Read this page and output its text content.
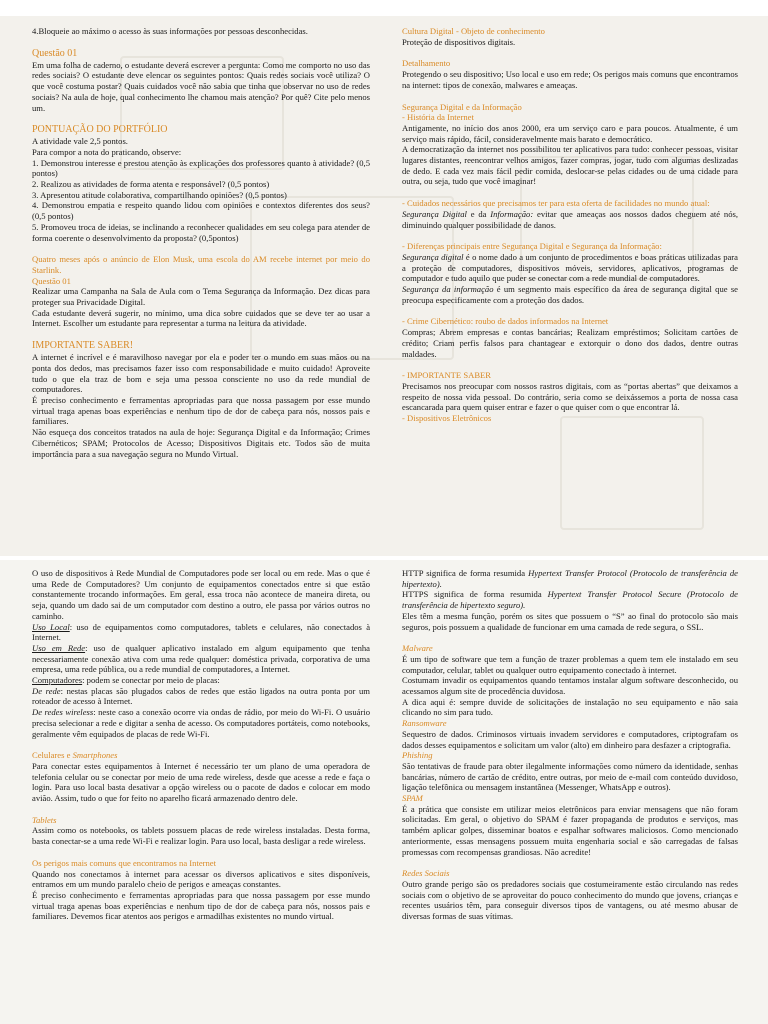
4.Bloqueie ao máximo o acesso às suas informações por pessoas desconhecidas.

Questão 01

Em uma folha de caderno, o estudante deverá escrever a pergunta: Como me comporto no uso das redes sociais? O estudante deve elencar os seguintes pontos: Quais redes sociais você utiliza? O que você costuma postar? Quais cuidados você não sabia que tinha que observar no uso de redes sociais? Na aula de hoje, qual conhecimento lhe chamou mais atenção? Por quê? Cite pelo menos um.

PONTUAÇÃO DO PORTFÓLIO

A atividade vale 2,5 pontos.

Para compor a nota do praticando, observe:

1. Demonstrou interesse e prestou atenção às explicações dos professores quanto à atividade? (0,5 pontos)

2. Realizou as atividades de forma atenta e responsável? (0,5 pontos)

3. Apresentou atitude colaborativa, compartilhando opiniões? (0,5 pontos)

4. Demonstrou empatia e respeito quando lidou com opiniões e contextos diferentes dos seus? (0,5 pontos)

5. Promoveu troca de ideias, se inclinando a reconhecer qualidades em seu colega para atender de forma coerente o desenvolvimento da proposta? (0,5pontos)

Quatro meses após o anúncio de Elon Musk, uma escola do AM recebe internet por meio do Starlink.

Questão 01

Realizar uma Campanha na Sala de Aula com o Tema Segurança da Informação. Dez dicas para proteger sua Privacidade Digital.

Cada estudante deverá sugerir, no mínimo, uma dica sobre cuidados que se deve ter ao usar a Internet. Escolher um estudante para representar a turma na leitura da atividade.

IMPORTANTE SABER!

A internet é incrível e é maravilhoso navegar por ela e poder ter o mundo em suas mãos ou na ponta dos dedos, mas precisamos fazer isso com responsabilidade e muito cuidado! Aproveite tudo o que ela traz de bom e seja uma pessoa consciente no uso da rede mundial de computadores.

É preciso conhecimento e ferramentas apropriadas para que nossa passagem por esse mundo virtual traga apenas boas experiências e nenhum tipo de dor de cabeça para nós, nossos pais e familiares.

Não esqueça dos conceitos tratados na aula de hoje: Segurança Digital e da Informação; Crimes Cibernéticos; SPAM; Protocolos de Acesso; Dispositivos Digitais etc. Todos são de muita importância para a sua navegação segura no Mundo Virtual.

Cultura Digital - Objeto de conhecimento

Proteção de dispositivos digitais.

Detalhamento

Protegendo o seu dispositivo; Uso local e uso em rede; Os perigos mais comuns que encontramos na internet: tipos de conexão, malwares e ameaças.

Segurança Digital e da Informação

- História da Internet

Antigamente, no início dos anos 2000, era um serviço caro e para poucos. Atualmente, é um serviço mais rápido, fácil, consideravelmente mais barato e democrático.

A democratização da internet nos possibilitou ter aplicativos para tudo: conhecer pessoas, visitar lugares distantes, reencontrar velhos amigos, fazer compras, jogar, tudo com algumas deslizadas de dedo. E cada vez mais fácil pedir comida, deslocar-se pelas cidades ou de uma cidade para outra, ou seja, tudo que você imaginar!

- Cuidados necessários que precisamos ter para esta oferta de facilidades no mundo atual:

Segurança Digital e da Informação: evitar que ameaças aos nossos dados cheguem até nós, diminuindo qualquer possibilidade de danos.

- Diferenças principais entre Segurança Digital e Segurança da Informação:

Segurança digital é o nome dado a um conjunto de procedimentos e boas práticas utilizadas para a proteção de computadores, dispositivos móveis, servidores, aplicativos, programas de computador e tudo aquilo que puder se conectar com a rede mundial de computadores.

Segurança da informação é um segmento mais específico da área de segurança digital que se preocupa especificamente com a proteção dos dados.

- Crime Cibernético: roubo de dados informados na Internet

Compras; Abrem empresas e contas bancárias; Realizam empréstimos; Solicitam cartões de crédito; Criam perfis falsos para chantagear e extorquir o dono dos dados, dentre outras maldades.

- IMPORTANTE SABER

Precisamos nos preocupar com nossos rastros digitais, com as “portas abertas” que deixamos a respeito de nossa vida pessoal. Do contrário, seria como se deixássemos a porta de nossa casa escancarada para quem quiser entrar e fazer o que quiser com o que encontrar lá.

- Dispositivos Eletrônicos

O uso de dispositivos à Rede Mundial de Computadores pode ser local ou em rede. Mas o que é uma Rede de Computadores? Um conjunto de equipamentos conectados entre si que estão constantemente trocando informações. Em geral, essa troca não acontece de maneira direta, ou seja, quando um dado sai de um computador com destino a outro, ele passa por vários outros no caminho.

Uso Local: uso de equipamentos como computadores, tablets e celulares, não conectados à Internet.

Uso em Rede: uso de qualquer aplicativo instalado em algum equipamento que tenha necessariamente conexão ativa com uma rede qualquer: doméstica privada, corporativa de uma empresa, uma rede pública, ou a rede mundial de computadores, a Internet.

Computadores: podem se conectar por meio de placas:

De rede: nestas placas são plugados cabos de redes que estão ligados na outra ponta por um roteador de acesso à Internet.

De redes wireless: neste caso a conexão ocorre via ondas de rádio, por meio do Wi-Fi. O usuário precisa selecionar a rede e digitar a senha de acesso. Os computadores portáteis, como notebooks, geralmente vêm equipados de placas de rede Wi-Fi.

Celulares e Smartphones

Para conectar estes equipamentos à Internet é necessário ter um plano de uma operadora de telefonia celular ou se conectar por meio de uma rede wireless, desde que acesse a rede e faça o login. Para uso local basta desativar a opção wireless ou o pacote de dados e colocar em modo avião. Assim, tudo o que for feito no aparelho ficará armazenado dentro dele.

Tablets

Assim como os notebooks, os tablets possuem placas de rede wireless instaladas. Desta forma, basta conectar-se a uma rede Wi-Fi e realizar login. Para uso local, basta desligar a rede wireless.

Os perigos mais comuns que encontramos na Internet

Quando nos conectamos à internet para acessar os diversos aplicativos e sites disponíveis, entramos em um mundo paralelo cheio de perigos e ameaças constantes.

É preciso conhecimento e ferramentas apropriadas para que nossa passagem por esse mundo virtual traga apenas boas experiências e nenhum tipo de dor de cabeça para nós, nossos pais e familiares. Devemos ficar atentos aos perigos e armadilhas existentes no mundo virtual.

HTTP significa de forma resumida Hypertext Transfer Protocol (Protocolo de transferência de hipertexto).

HTTPS significa de forma resumida Hypertext Transfer Protocol Secure (Protocolo de transferência de hipertexto seguro).

Eles têm a mesma função, porém os sites que possuem o “S” ao final do protocolo são mais seguros, pois possuem a qualidade de funcionar em uma camada de rede segura, o SSL.

Malware

É um tipo de software que tem a função de trazer problemas a quem tem ele instalado em seu computador, celular, tablet ou qualquer outro equipamento conectado à internet.

Costumam invadir os equipamentos quando tentamos instalar algum software desconhecido, ou acessamos algum site de procedência duvidosa.

A dica aqui é: sempre duvide de solicitações de instalação no seu equipamento e não saia clicando no sim para tudo.

Ransomware

Sequestro de dados. Criminosos virtuais invadem servidores e computadores, criptografam os dados desses equipamentos e solicitam um valor (alto) em dinheiro para desfazer a criptografia.

Phishing

São tentativas de fraude para obter ilegalmente informações como número da identidade, senhas bancárias, número de cartão de crédito, entre outras, por meio de e-mail com conteúdo duvidoso, ligação telefônica ou mensagem instantânea (Messenger, WhatsApp e outros).

SPAM

É a prática que consiste em utilizar meios eletrônicos para enviar mensagens que não foram solicitadas. Em geral, o objetivo do SPAM é fazer propaganda de produtos e serviços, mas também aplicar golpes, disseminar boatos e espalhar softwares maliciosos. Como mencionado anteriormente, essas mensagens possuem muita engenharia social e são carregadas de falsas promessas com recompensas grandiosas. Não acredite!

Redes Sociais

Outro grande perigo são os predadores sociais que costumeiramente estão circulando nas redes sociais com o objetivo de se aproveitar do pouco conhecimento do mundo que jovens, crianças e recentes usuários têm, para conseguir diversos tipos de vantagens, ou até mesmo abusar de diversas formas de suas vítimas.
